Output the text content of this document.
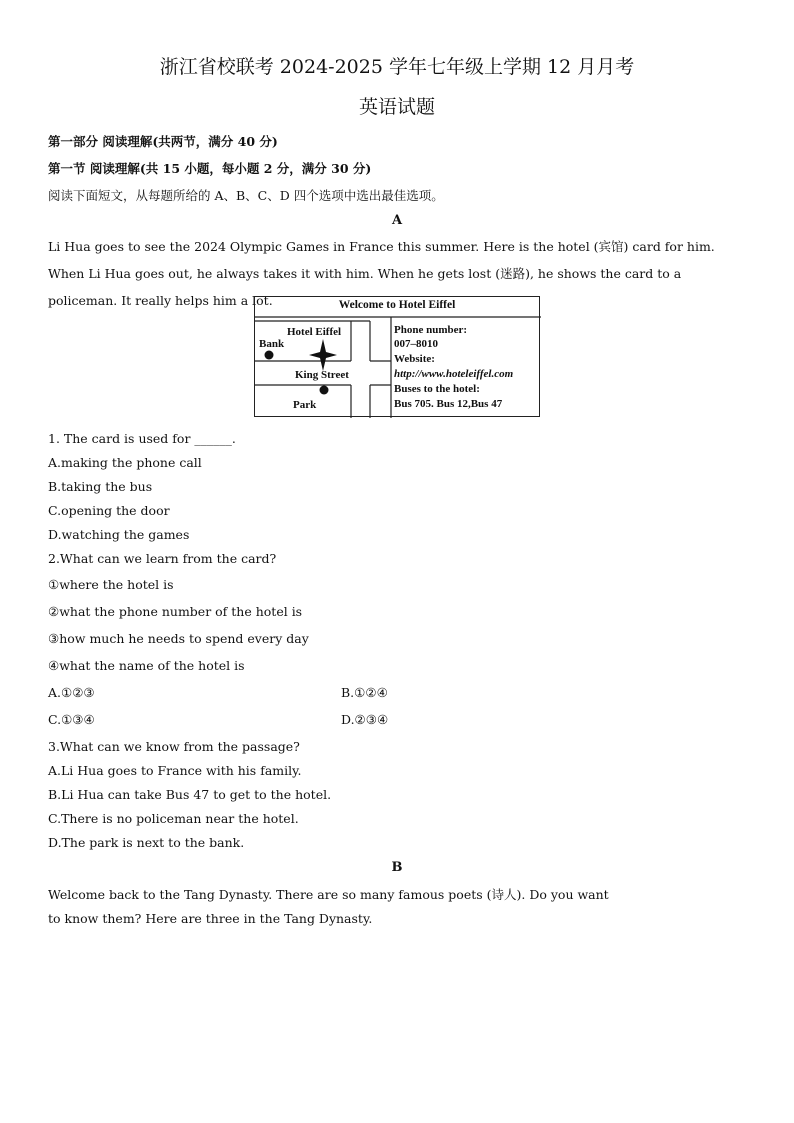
浙江省校联考 2024-2025 学年七年级上学期 12 月月考
英语试题
第一部分 阅读理解(共两节，满分 40 分)
第一节 阅读理解(共 15 小题，每小题 2 分，满分 30 分)
阅读下面短文，从每题所给的 A、B、C、D 四个选项中选出最佳选项。
A
Li Hua goes to see the 2024 Olympic Games in France this summer. Here is the hotel (宾馆) card for him. When Li Hua goes out, he always takes it with him. When he gets lost (迷路), he shows the card to a policeman. It really helps him a lot.	Welcome to Hotel Eiffel
Hotel Eiffel
Bank
King Street
Park
Phone number:
007–8010
Website:
http://www.hoteleiffel.com
Buses to the hotel:
Bus 705. Bus 12,Bus 47
1. The card is used for ______.
A.making the phone call
B.taking the bus
C.opening the door
D.watching the games
2.What can we learn from the card?
①where the hotel is
②what the phone number of the hotel is
③how much he needs to spend every day
④what the name of the hotel is
A.①②③	B.①②④
C.①③④	D.②③④
3.What can we know from the passage?
A.Li Hua goes to France with his family.
B.Li Hua can take Bus 47 to get to the hotel.
C.There is no policeman near the hotel.
D.The park is next to the bank.
B
Welcome back to the Tang Dynasty. There are so many famous poets (诗人). Do you want
to know them? Here are three in the Tang Dynasty.
